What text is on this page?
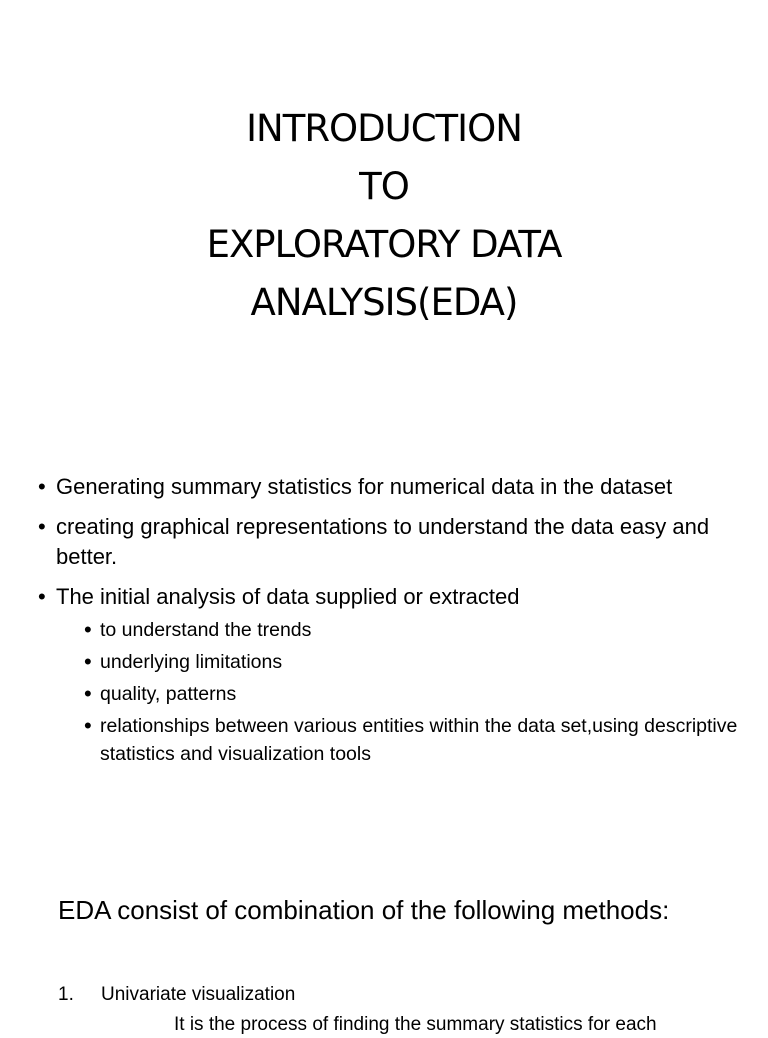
INTRODUCTION
TO
EXPLORATORY DATA
ANALYSIS(EDA)
• Generating summary statistics for numerical data in the dataset
• creating graphical representations to understand the data easy and better.
• The initial analysis of data supplied or extracted
• to understand the trends
• underlying limitations
• quality, patterns
• relationships between various entities within the data set,using descriptive statistics and visualization tools

EDA consist of combination of the following methods:

1. Univariate visualization

It is the process of finding the summary statistics for each
